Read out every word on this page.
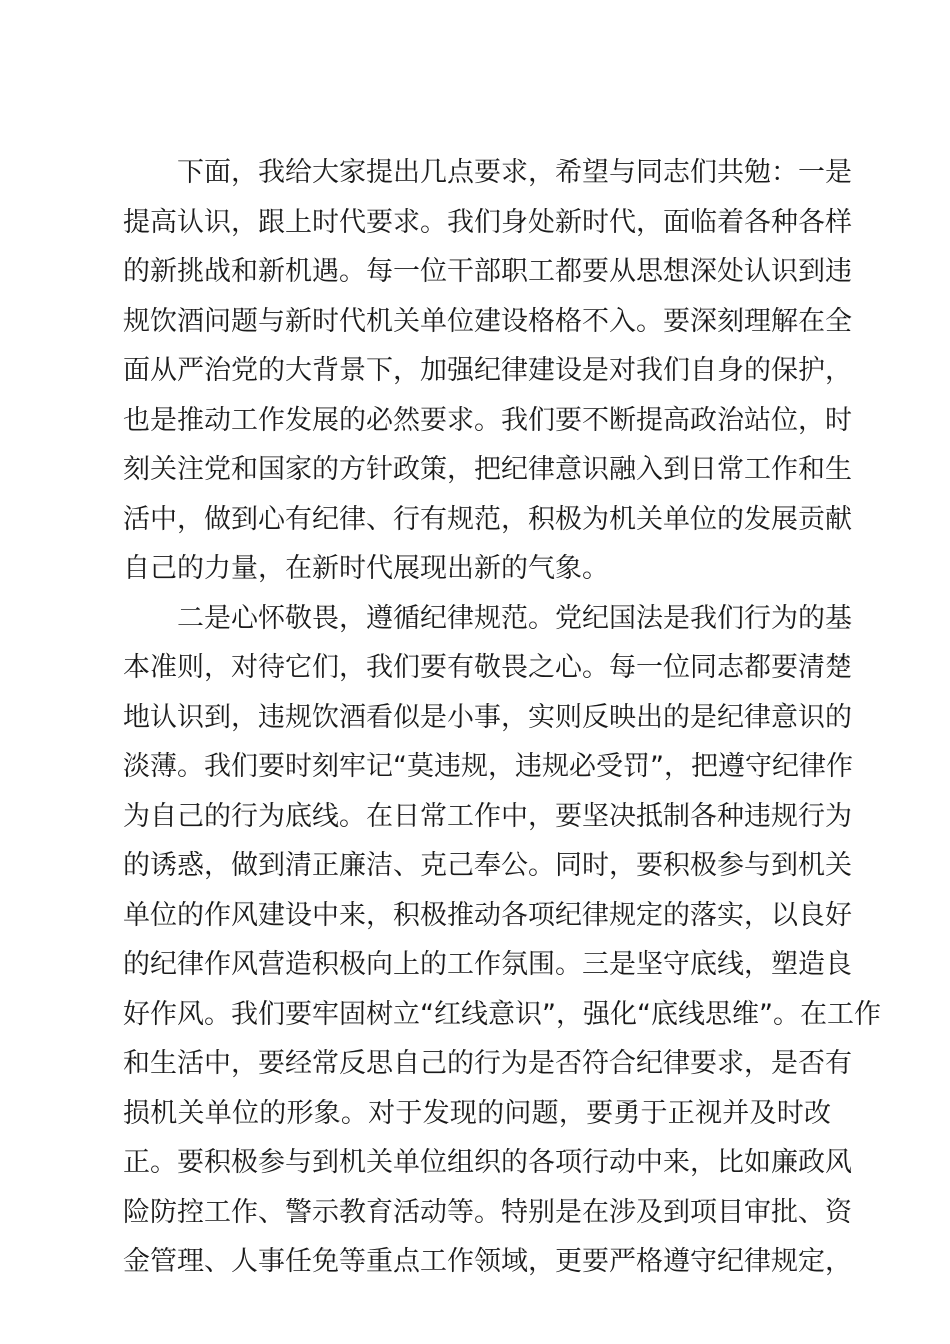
下面，我给大家提出几点要求，希望与同志们共勉：一是
提高认识，跟上时代要求。我们身处新时代，面临着各种各样
的新挑战和新机遇。每一位干部职工都要从思想深处认识到违
规饮酒问题与新时代机关单位建设格格不入。要深刻理解在全
面从严治党的大背景下，加强纪律建设是对我们自身的保护，
也是推动工作发展的必然要求。我们要不断提高政治站位，时
刻关注党和国家的方针政策，把纪律意识融入到日常工作和生
活中，做到心有纪律、行有规范，积极为机关单位的发展贡献
自己的力量，在新时代展现出新的气象。
二是心怀敬畏，遵循纪律规范。党纪国法是我们行为的基
本准则，对待它们，我们要有敬畏之心。每一位同志都要清楚
地认识到，违规饮酒看似是小事，实则反映出的是纪律意识的
淡薄。我们要时刻牢记“莫违规，违规必受罚”，把遵守纪律作
为自己的行为底线。在日常工作中，要坚决抵制各种违规行为
的诱惑，做到清正廉洁、克己奉公。同时，要积极参与到机关
单位的作风建设中来，积极推动各项纪律规定的落实，以良好
的纪律作风营造积极向上的工作氛围。三是坚守底线，塑造良
好作风。我们要牢固树立“红线意识”，强化“底线思维”。在工作
和生活中，要经常反思自己的行为是否符合纪律要求，是否有
损机关单位的形象。对于发现的问题，要勇于正视并及时改
正。要积极参与到机关单位组织的各项行动中来，比如廉政风
险防控工作、警示教育活动等。特别是在涉及到项目审批、资
金管理、人事任免等重点工作领域，更要严格遵守纪律规定，
